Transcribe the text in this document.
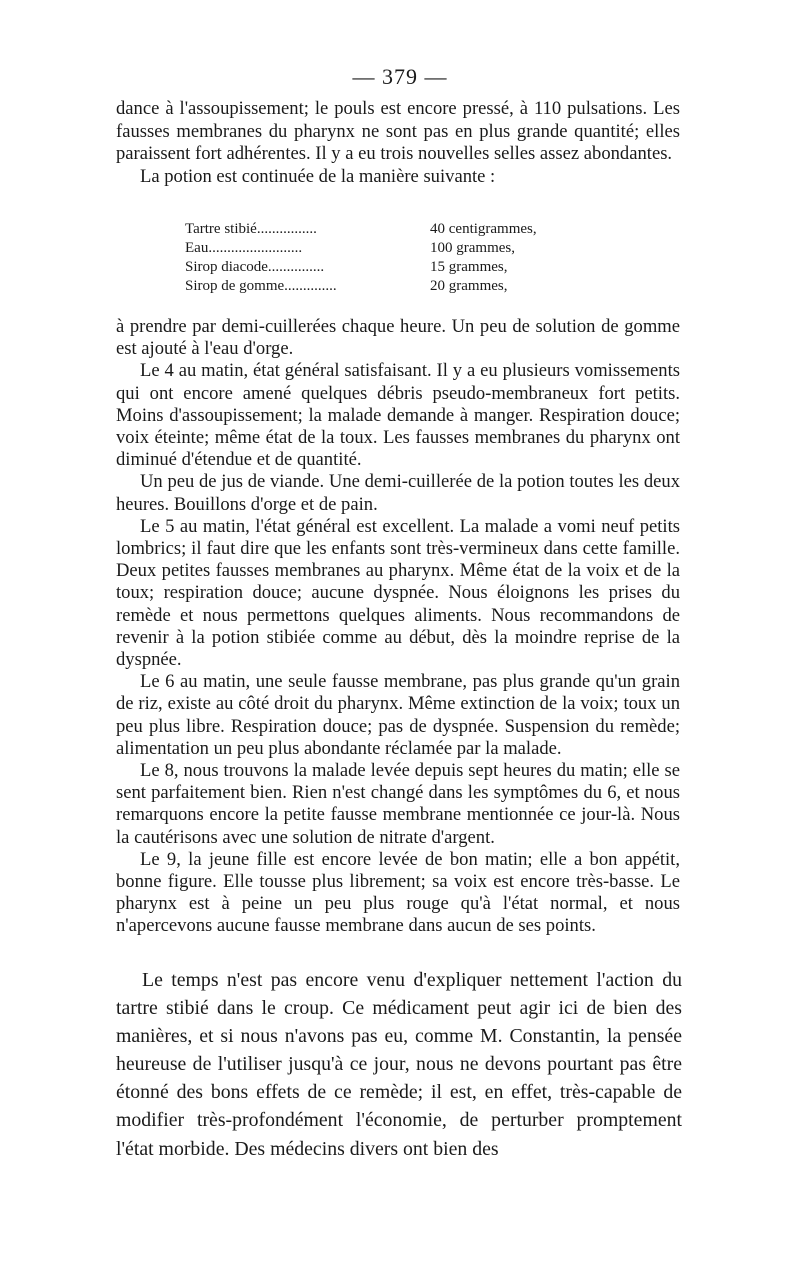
— 379 —

dance à l'assoupissement; le pouls est encore pressé, à 110 pulsations. Les fausses membranes du pharynx ne sont pas en plus grande quantité; elles paraissent fort adhérentes. Il y a eu trois nouvelles selles assez abondantes.

La potion est continuée de la manière suivante :

Tartre stibié................	40 centigrammes,
Eau.........................	100 grammes,
Sirop diacode...............	15 grammes,
Sirop de gomme..............	20 grammes,

à prendre par demi-cuillerées chaque heure. Un peu de solution de gomme est ajouté à l'eau d'orge.

Le 4 au matin, état général satisfaisant. Il y a eu plusieurs vomissements qui ont encore amené quelques débris pseudo-membraneux fort petits. Moins d'assoupissement; la malade demande à manger. Respiration douce; voix éteinte; même état de la toux. Les fausses membranes du pharynx ont diminué d'étendue et de quantité.

Un peu de jus de viande. Une demi-cuillerée de la potion toutes les deux heures. Bouillons d'orge et de pain.

Le 5 au matin, l'état général est excellent. La malade a vomi neuf petits lombrics; il faut dire que les enfants sont très-vermineux dans cette famille. Deux petites fausses membranes au pharynx. Même état de la voix et de la toux; respiration douce; aucune dyspnée. Nous éloignons les prises du remède et nous permettons quelques aliments. Nous recommandons de revenir à la potion stibiée comme au début, dès la moindre reprise de la dyspnée.

Le 6 au matin, une seule fausse membrane, pas plus grande qu'un grain de riz, existe au côté droit du pharynx. Même extinction de la voix; toux un peu plus libre. Respiration douce; pas de dyspnée. Suspension du remède; alimentation un peu plus abondante réclamée par la malade.

Le 8, nous trouvons la malade levée depuis sept heures du matin; elle se sent parfaitement bien. Rien n'est changé dans les symptômes du 6, et nous remarquons encore la petite fausse membrane mentionnée ce jour-là. Nous la cautérisons avec une solution de nitrate d'argent.

Le 9, la jeune fille est encore levée de bon matin; elle a bon appétit, bonne figure. Elle tousse plus librement; sa voix est encore très-basse. Le pharynx est à peine un peu plus rouge qu'à l'état normal, et nous n'apercevons aucune fausse membrane dans aucun de ses points.

Le temps n'est pas encore venu d'expliquer nettement l'action du tartre stibié dans le croup. Ce médicament peut agir ici de bien des manières, et si nous n'avons pas eu, comme M. Constantin, la pensée heureuse de l'utiliser jusqu'à ce jour, nous ne devons pourtant pas être étonné des bons effets de ce remède; il est, en effet, très-capable de modifier très-profondément l'économie, de perturber promptement l'état morbide. Des médecins divers ont bien des
